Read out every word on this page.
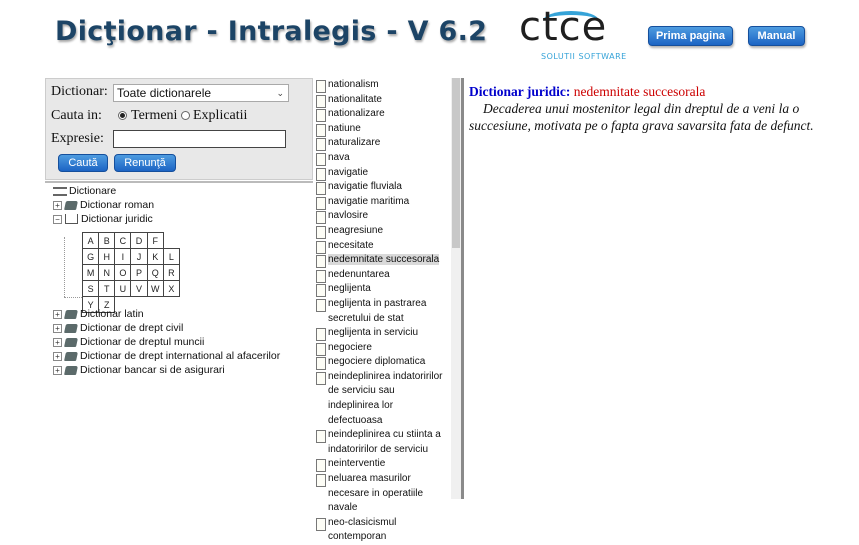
Dicţionar - Intralegis - V 6.2 ctce
SOLUTII SOFTWARE
Prima pagina	Manual
Dictionar: Toate dictionarele	⌄
Cauta in: Termeni Explicatii
Expresie:
Caută	Renunţă
Dictionare
+ Dictionar roman
− Dictionar juridic
A	B	C	D	F	
G	H	I	J	K	L
M	N	O	P	Q	R
S	T	U	V	W	X
Y	Z				
+ Dictionar latin
+ Dictionar de drept civil
+ Dictionar de dreptul muncii
+ Dictionar de drept international al afacerilor
+ Dictionar bancar si de asigurari
nationalism
nationalitate
nationalizare
natiune
naturalizare
nava
navigatie
navigatie fluviala
navigatie maritima
navlosire
neagresiune
necesitate
nedemnitate succesorala
nedenuntarea
neglijenta
neglijenta in pastrarea secretului de stat
neglijenta in serviciu
negociere
negociere diplomatica
neindeplinirea indatoririlor de serviciu sau indeplinirea lor defectuoasa
neindeplinirea cu stiinta a indatoririlor de serviciu
neinterventie
neluarea masurilor necesare in operatiile navale
neo-clasicismul contemporan
Dictionar juridic: nedemnitate succesorala
Decaderea unui mostenitor legal din dreptul de a veni la o succesiune, motivata pe o fapta grava savarsita fata de defunct.
